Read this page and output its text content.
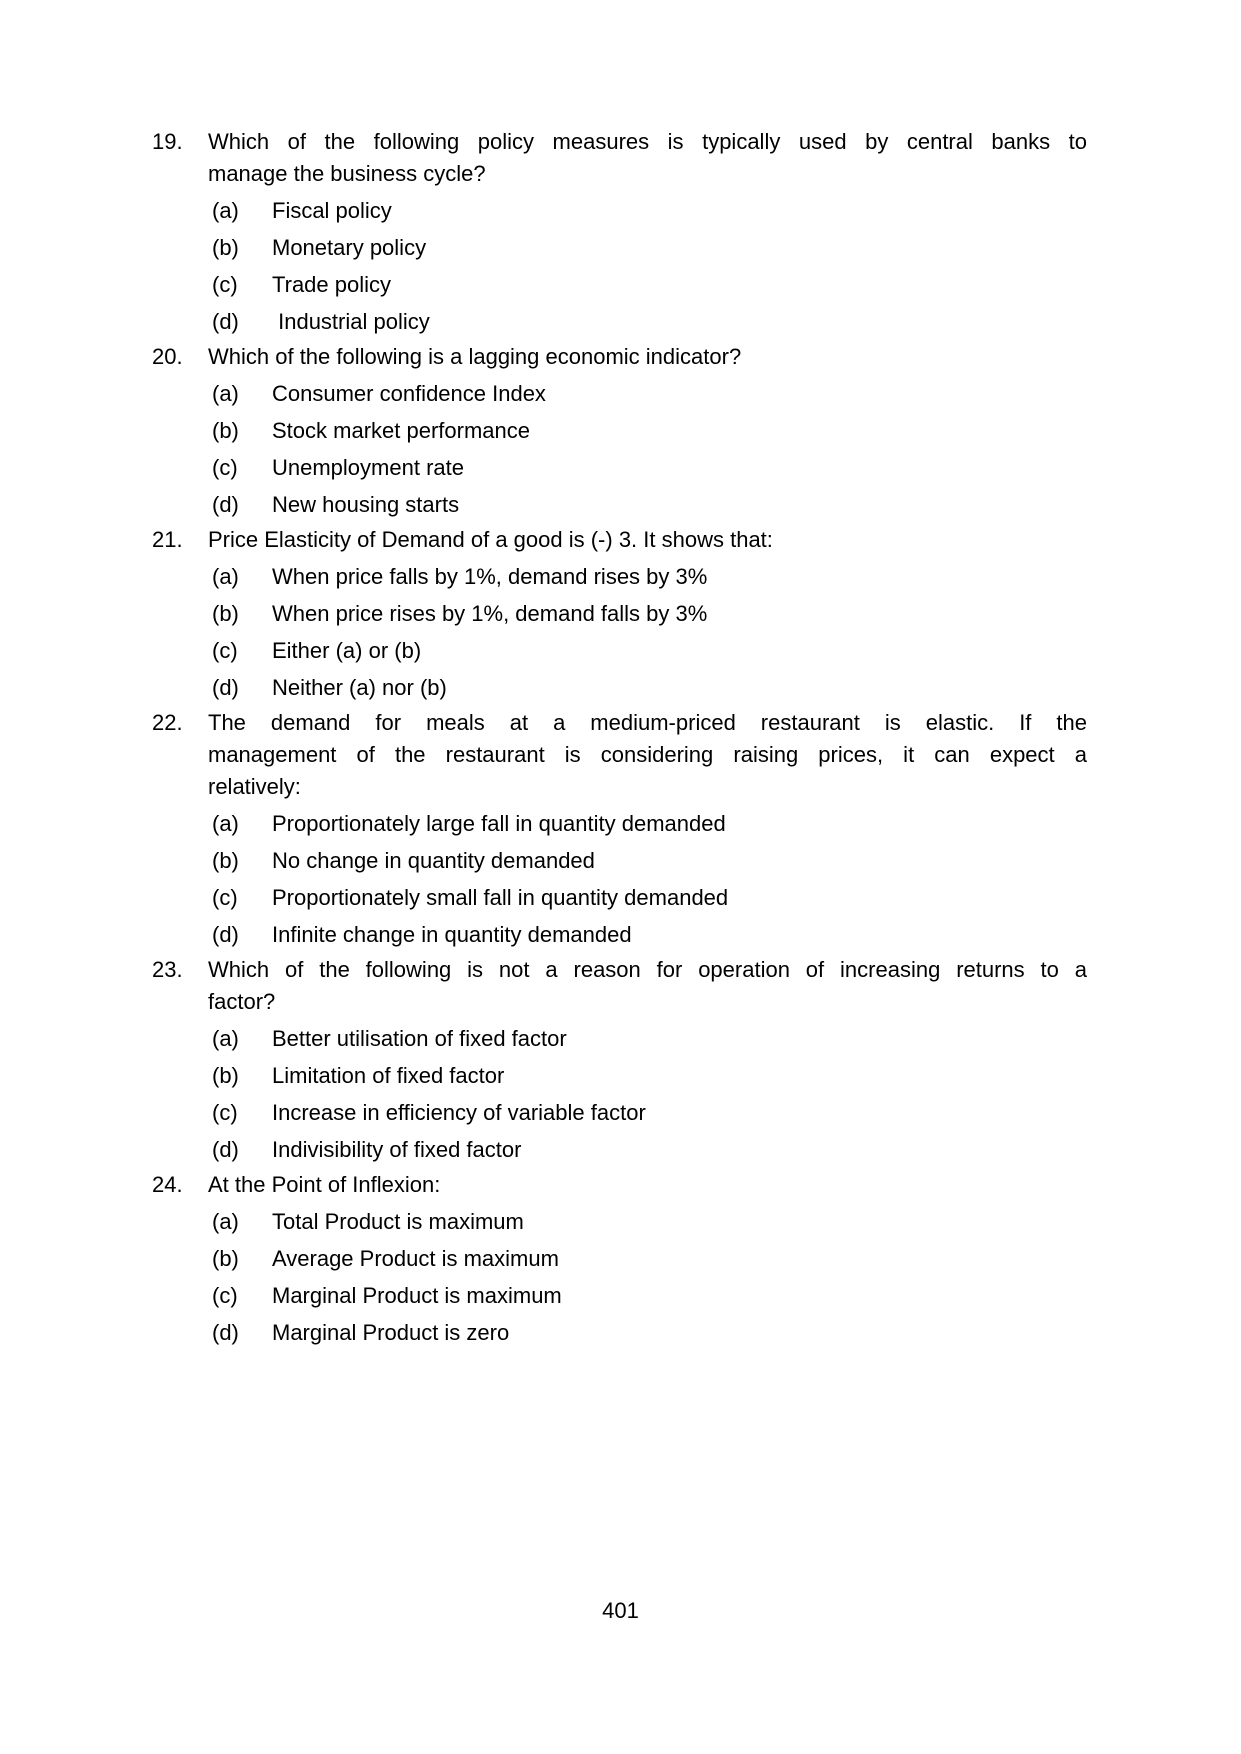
19.	Which of the following policy measures is typically used by central banks to
manage the business cycle?
(a)	Fiscal policy
(b)	Monetary policy
(c)	Trade policy
(d)	Industrial policy
20.	Which of the following is a lagging economic indicator?
(a)	Consumer confidence Index
(b)	Stock market performance
(c)	Unemployment rate
(d)	New housing starts
21.	Price Elasticity of Demand of a good is (-) 3. It shows that:
(a)	When price falls by 1%, demand rises by 3%
(b)	When price rises by 1%, demand falls by 3%
(c)	Either (a) or (b)
(d)	Neither (a) nor (b)
22.	The demand for meals at a medium-priced restaurant is elastic. If the
management of the restaurant is considering raising prices, it can expect a
relatively:
(a)	Proportionately large fall in quantity demanded
(b)	No change in quantity demanded
(c)	Proportionately small fall in quantity demanded
(d)	Infinite change in quantity demanded
23.	Which of the following is not a reason for operation of increasing returns to a
factor?
(a)	Better utilisation of fixed factor
(b)	Limitation of fixed factor
(c)	Increase in efficiency of variable factor
(d)	Indivisibility of fixed factor
24.	At the Point of Inflexion:
(a)	Total Product is maximum
(b)	Average Product is maximum
(c)	Marginal Product is maximum
(d)	Marginal Product is zero
401
